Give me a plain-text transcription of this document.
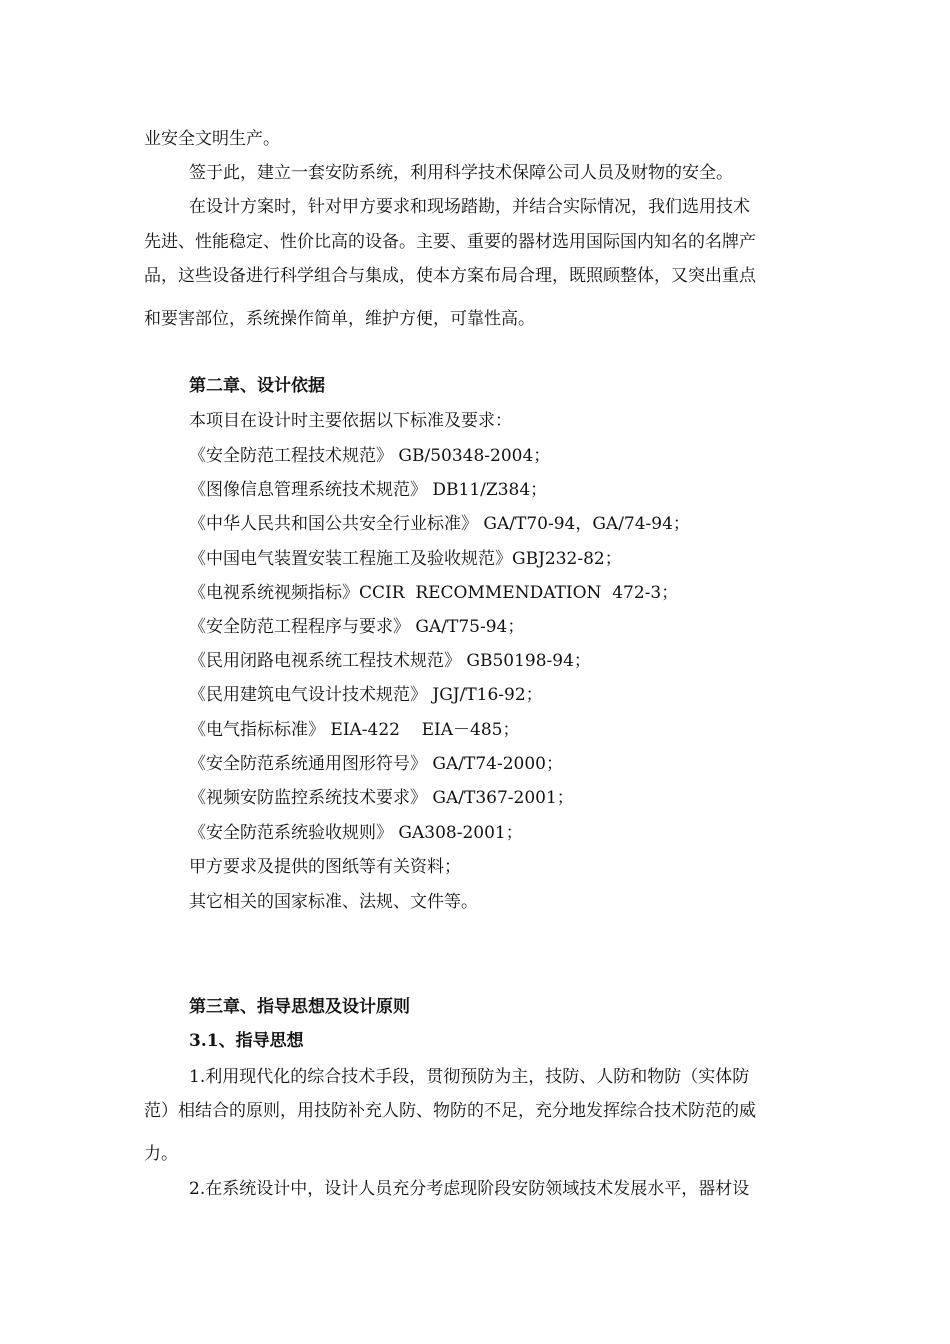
业安全文明生产。

签于此，建立一套安防系统，利用科学技术保障公司人员及财物的安全。

在设计方案时，针对甲方要求和现场踏勘，并结合实际情况，我们选用技术

先进、性能稳定、性价比高的设备。主要、重要的器材选用国际国内知名的名牌产

品，这些设备进行科学组合与集成，使本方案布局合理，既照顾整体，又突出重点

和要害部位，系统操作简单，维护方便，可靠性高。

第二章、设计依据

本项目在设计时主要依据以下标准及要求：

《安全防范工程技术规范》 GB/50348-2004；

《图像信息管理系统技术规范》 DB11/Z384；

《中华人民共和国公共安全行业标准》 GA/T70-94，GA/74-94；

《中国电气装置安装工程施工及验收规范》GBJ232-82；

《电视系统视频指标》CCIR  RECOMMENDATION  472-3；

《安全防范工程程序与要求》 GA/T75-94；

《民用闭路电视系统工程技术规范》 GB50198-94；

《民用建筑电气设计技术规范》 JGJ/T16-92；

《电气指标标准》 EIA-422    EIA－485；

《安全防范系统通用图形符号》 GA/T74-2000；

《视频安防监控系统技术要求》 GA/T367-2001；

《安全防范系统验收规则》 GA308-2001；

甲方要求及提供的图纸等有关资料；

其它相关的国家标准、法规、文件等。

第三章、指导思想及设计原则

3.1、指导思想

1.利用现代化的综合技术手段，贯彻预防为主，技防、人防和物防（实体防

范）相结合的原则，用技防补充人防、物防的不足，充分地发挥综合技术防范的威

力。

2.在系统设计中，设计人员充分考虑现阶段安防领域技术发展水平，器材设
